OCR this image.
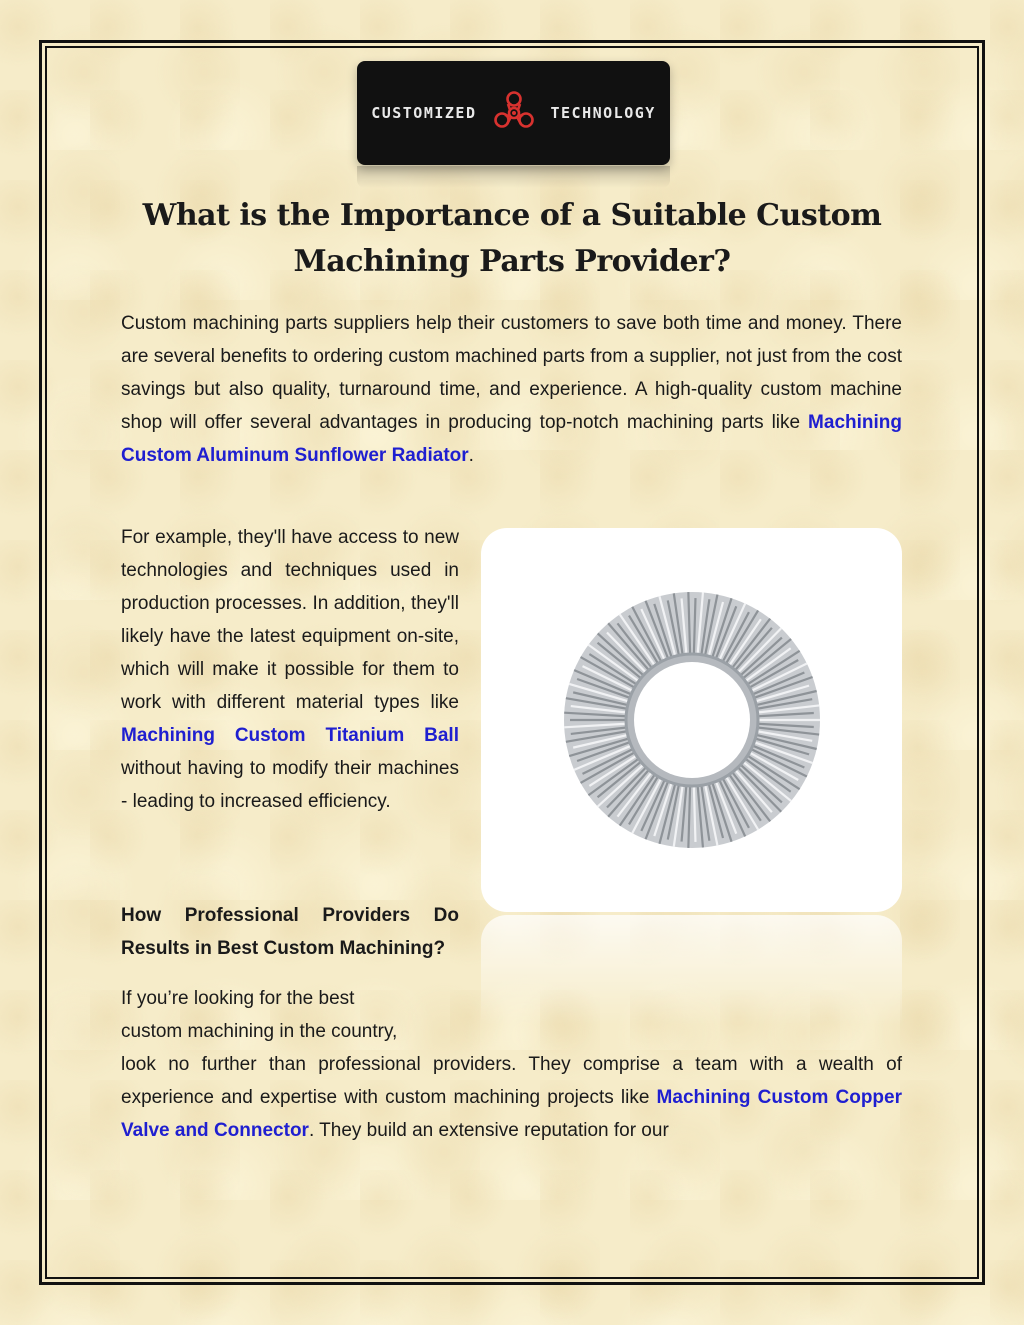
CUSTOMIZED	TECHNOLOGY
What is the Importance of a Suitable Custom
Machining Parts Provider?

Custom machining parts suppliers help their customers to save both time and money. There are several benefits to ordering custom machined parts from a supplier, not just from the cost savings but also quality, turnaround time, and experience. A high-quality custom machine shop will offer several advantages in producing top-notch machining parts like Machining Custom Aluminum Sunflower Radiator.

For example, they'll have access to new technologies and techniques used in production processes. In addition, they'll likely have the latest equipment on-site, which will make it possible for them to work with different material types like Machining Custom Titanium Ball without having to modify their machines - leading to increased efficiency.

How Professional Providers Do Results in Best Custom Machining?

If you’re looking for the best
custom machining in the country,

look no further than professional providers. They comprise a team with a wealth of experience and expertise with custom machining projects like Machining Custom Copper Valve and Connector. They build an extensive reputation for our
